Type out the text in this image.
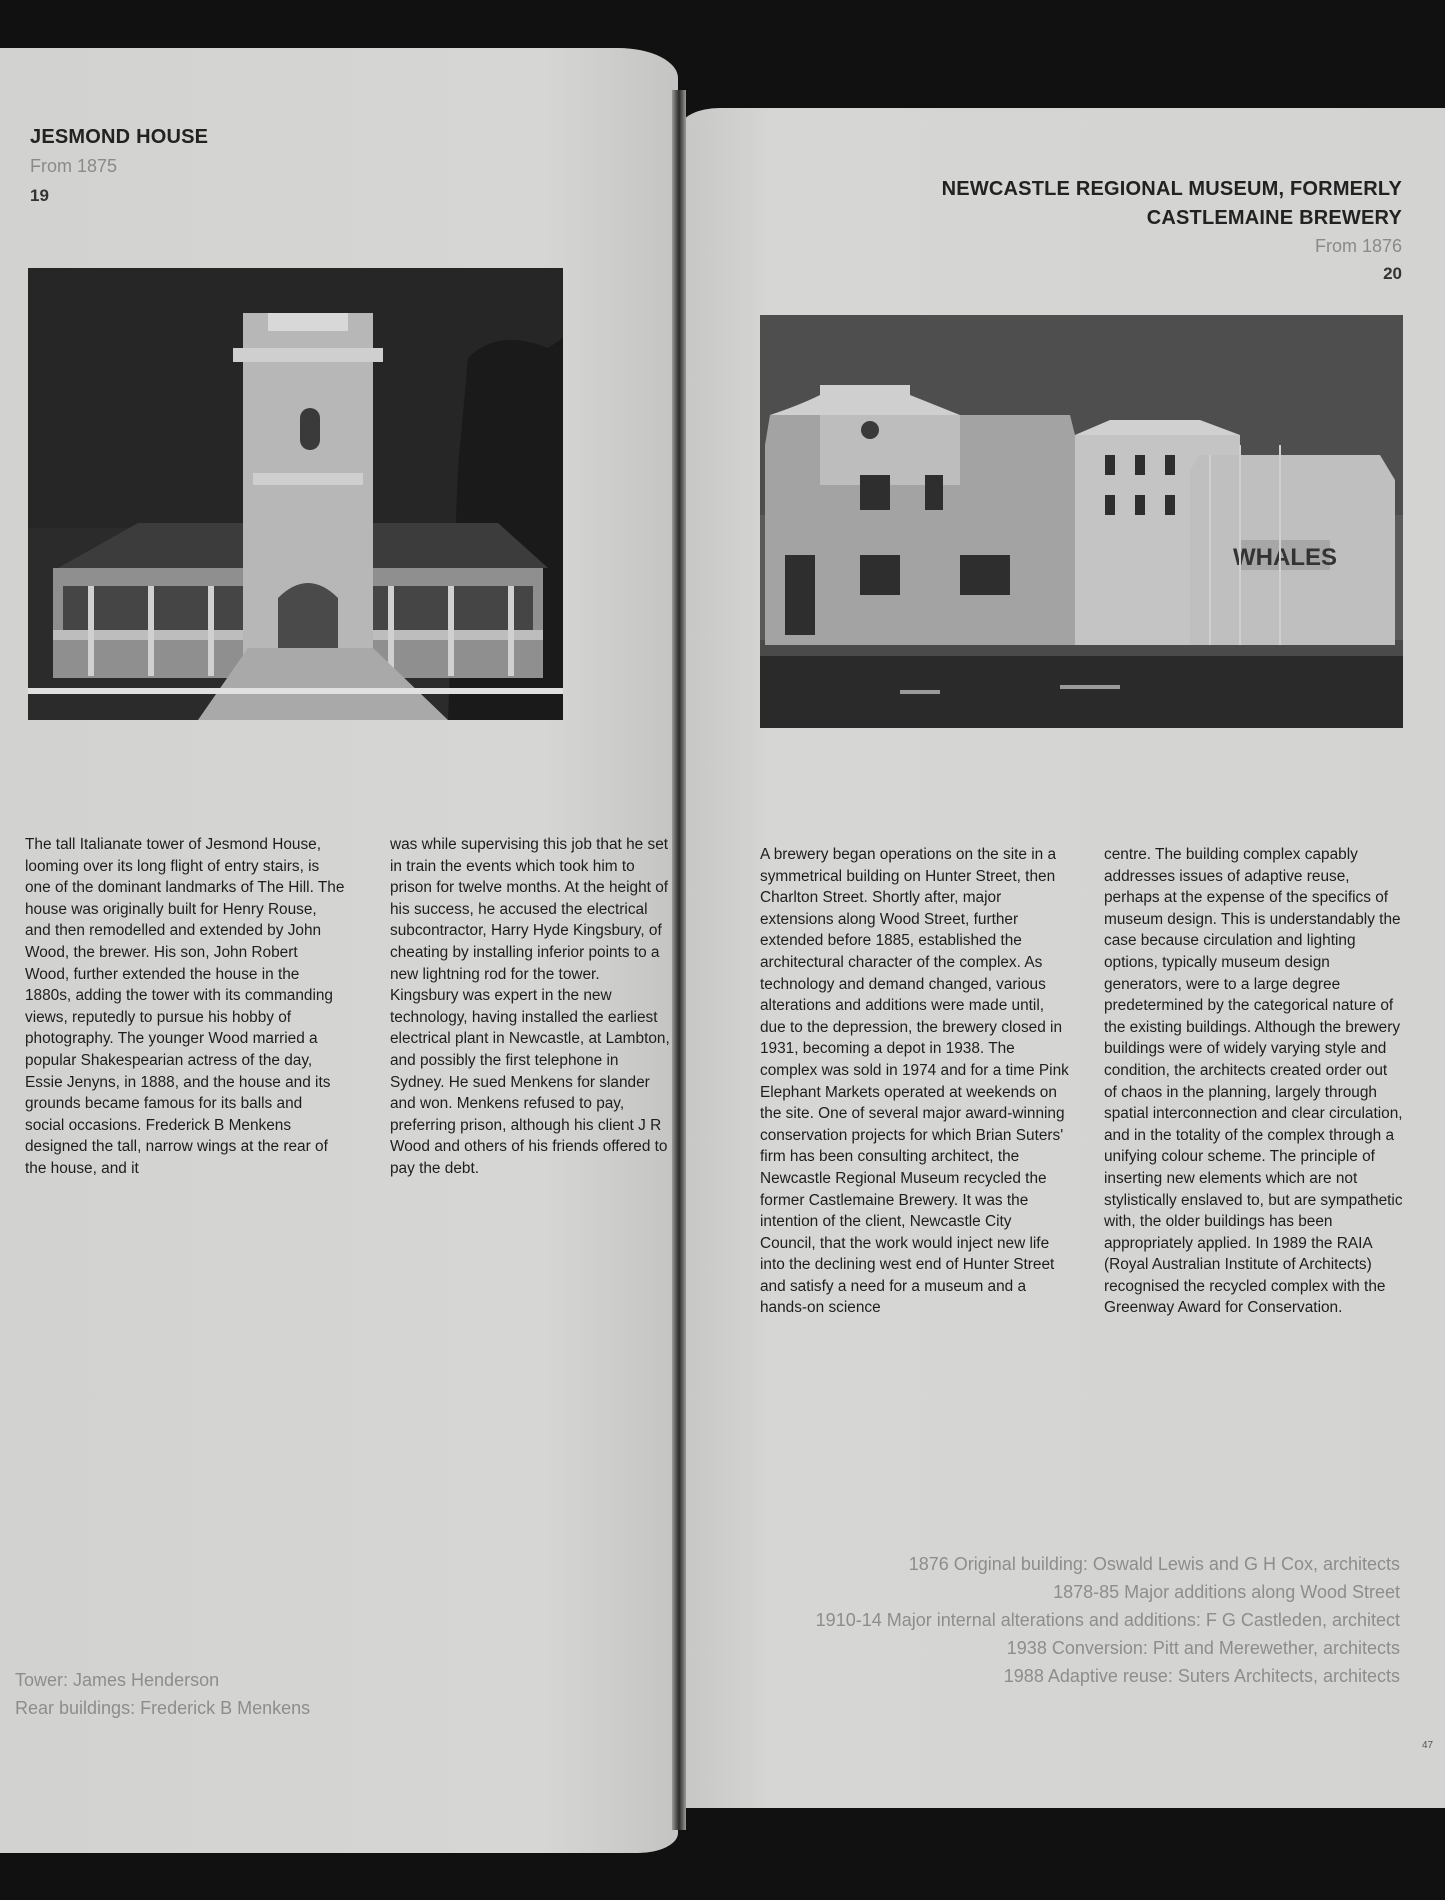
JESMOND HOUSE
From 1875
19

The tall Italianate tower of Jesmond House, looming over its long flight of entry stairs, is one of the dominant landmarks of The Hill. The house was originally built for Henry Rouse, and then remodelled and extended by John Wood, the brewer. His son, John Robert Wood, further extended the house in the 1880s, adding the tower with its commanding views, reputedly to pursue his hobby of photography. The younger Wood married a popular Shakespearian actress of the day, Essie Jenyns, in 1888, and the house and its grounds became famous for its balls and social occasions. Frederick B Menkens designed the tall, narrow wings at the rear of the house, and it

was while supervising this job that he set in train the events which took him to prison for twelve months. At the height of his success, he accused the electrical subcontractor, Harry Hyde Kingsbury, of cheating by installing inferior points to a new lightning rod for the tower. Kingsbury was expert in the new technology, having installed the earliest electrical plant in Newcastle, at Lambton, and possibly the first telephone in Sydney. He sued Menkens for slander and won. Menkens refused to pay, preferring prison, although his client J R Wood and others of his friends offered to pay the debt.

Tower: James Henderson
Rear buildings: Frederick B Menkens
NEWCASTLE REGIONAL MUSEUM, FORMERLY
CASTLEMAINE BREWERY
From 1876
20
WHALES

A brewery began operations on the site in a symmetrical building on Hunter Street, then Charlton Street. Shortly after, major extensions along Wood Street, further extended before 1885, established the architectural character of the complex. As technology and demand changed, various alterations and additions were made until, due to the depression, the brewery closed in 1931, becoming a depot in 1938. The complex was sold in 1974 and for a time Pink Elephant Markets operated at weekends on the site. One of several major award-winning conservation projects for which Brian Suters' firm has been consulting architect, the Newcastle Regional Museum recycled the former Castlemaine Brewery. It was the intention of the client, Newcastle City Council, that the work would inject new life into the declining west end of Hunter Street and satisfy a need for a museum and a hands-on science

centre. The building complex capably addresses issues of adaptive reuse, perhaps at the expense of the specifics of museum design. This is understandably the case because circulation and lighting options, typically museum design generators, were to a large degree predetermined by the categorical nature of the existing buildings. Although the brewery buildings were of widely varying style and condition, the architects created order out of chaos in the planning, largely through spatial interconnection and clear circulation, and in the totality of the complex through a unifying colour scheme. The principle of inserting new elements which are not stylistically enslaved to, but are sympathetic with, the older buildings has been appropriately applied. In 1989 the RAIA (Royal Australian Institute of Architects) recognised the recycled complex with the Greenway Award for Conservation.

1876 Original building: Oswald Lewis and G H Cox, architects
1878-85 Major additions along Wood Street
1910-14 Major internal alterations and additions: F G Castleden, architect
1938 Conversion: Pitt and Merewether, architects
1988 Adaptive reuse: Suters Architects, architects
47
